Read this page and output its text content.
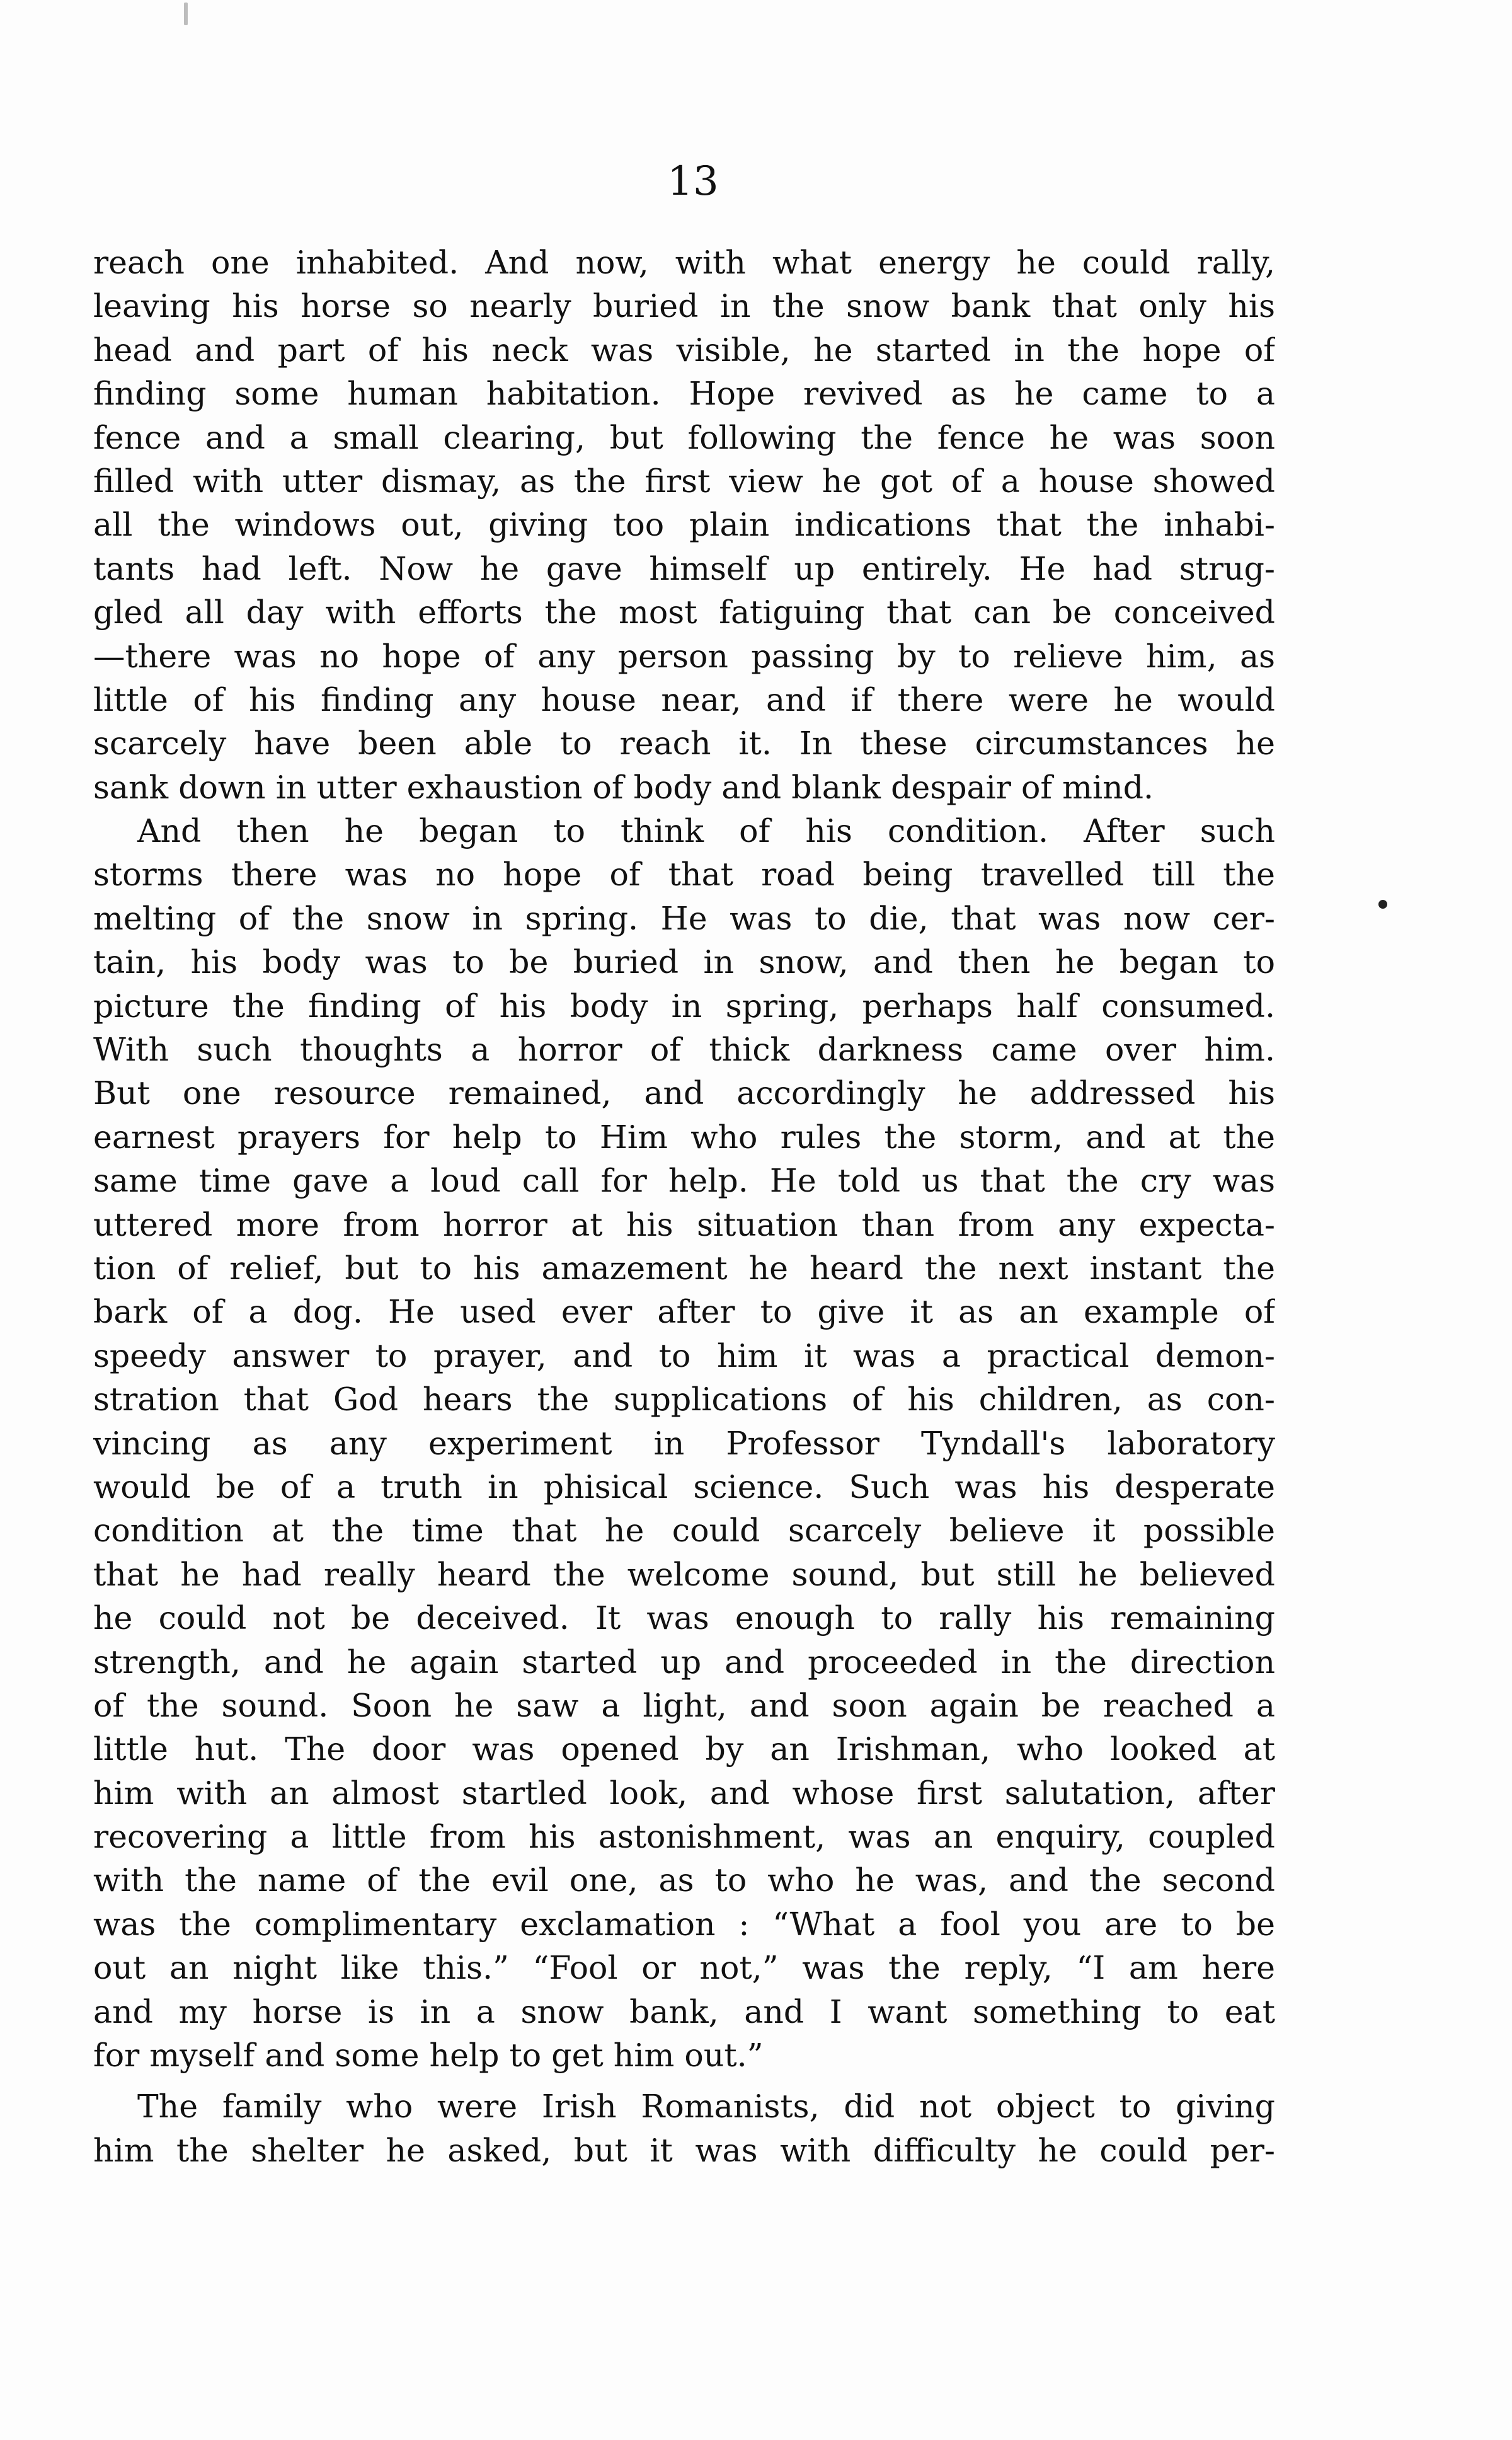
13
reach one inhabited. And now, with what energy he could rally,
leaving his horse so nearly buried in the snow bank that only his
head and part of his neck was visible, he started in the hope of
finding some human habitation. Hope revived as he came to a
fence and a small clearing, but following the fence he was soon
filled with utter dismay, as the first view he got of a house showed
all the windows out, giving too plain indications that the inhabi-
tants had left. Now he gave himself up entirely. He had strug-
gled all day with efforts the most fatiguing that can be conceived
—there was no hope of any person passing by to relieve him, as
little of his finding any house near, and if there were he would
scarcely have been able to reach it. In these circumstances he
sank down in utter exhaustion of body and blank despair of mind.
And then he began to think of his condition. After such
storms there was no hope of that road being travelled till the
melting of the snow in spring. He was to die, that was now cer-
tain, his body was to be buried in snow, and then he began to
picture the finding of his body in spring, perhaps half consumed.
With such thoughts a horror of thick darkness came over him.
But one resource remained, and accordingly he addressed his
earnest prayers for help to Him who rules the storm, and at the
same time gave a loud call for help. He told us that the cry was
uttered more from horror at his situation than from any expecta-
tion of relief, but to his amazement he heard the next instant the
bark of a dog. He used ever after to give it as an example of
speedy answer to prayer, and to him it was a practical demon-
stration that God hears the supplications of his children, as con-
vincing as any experiment in Professor Tyndall's laboratory
would be of a truth in phisical science. Such was his desperate
condition at the time that he could scarcely believe it possible
that he had really heard the welcome sound, but still he believed
he could not be deceived. It was enough to rally his remaining
strength, and he again started up and proceeded in the direction
of the sound. Soon he saw a light, and soon again be reached a
little hut. The door was opened by an Irishman, who looked at
him with an almost startled look, and whose first salutation, after
recovering a little from his astonishment, was an enquiry, coupled
with the name of the evil one, as to who he was, and the second
was the complimentary exclamation : “What a fool you are to be
out an night like this.” “Fool or not,” was the reply, “I am here
and my horse is in a snow bank, and I want something to eat
for myself and some help to get him out.”
The family who were Irish Romanists, did not object to giving
him the shelter he asked, but it was with difficulty he could per-
